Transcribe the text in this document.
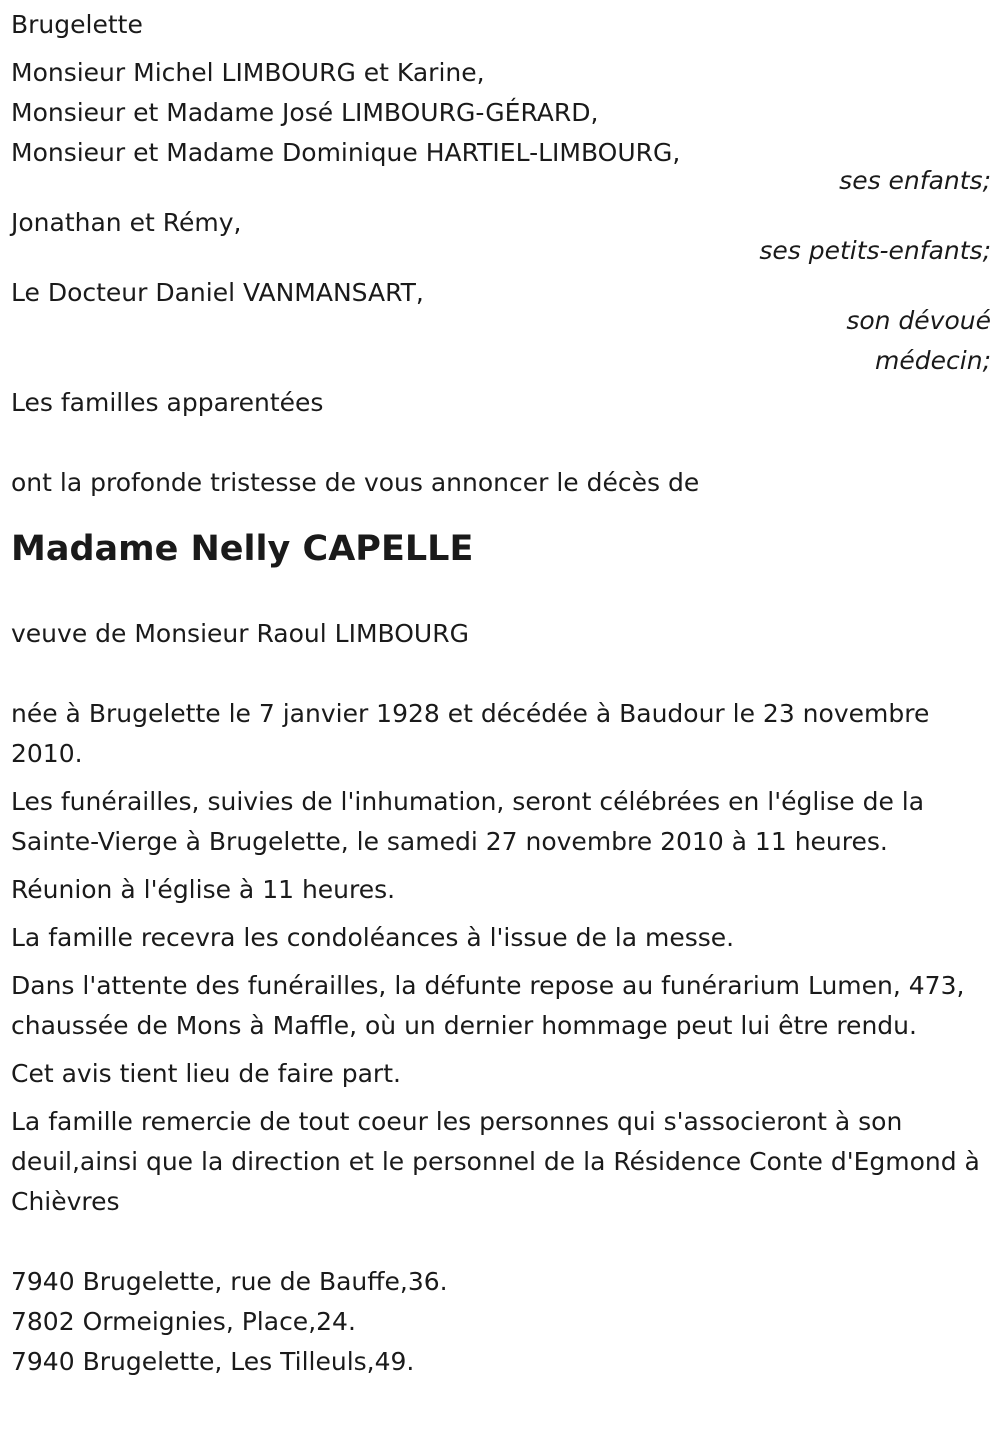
Brugelette
Monsieur Michel LIMBOURG et Karine,
Monsieur et Madame José LIMBOURG-GÉRARD,
Monsieur et Madame Dominique HARTIEL-LIMBOURG,
ses enfants;
Jonathan et Rémy,
ses petits-enfants;
Le Docteur Daniel VANMANSART,
son dévoué
médecin;
Les familles apparentées
ont la profonde tristesse de vous annoncer le décès de
Madame Nelly CAPELLE
veuve de Monsieur Raoul LIMBOURG

née à Brugelette le 7 janvier 1928 et décédée à Baudour le 23 novembre 2010.

Les funérailles, suivies de l'inhumation, seront célébrées en l'église de la Sainte-Vierge à Brugelette, le samedi 27 novembre 2010 à 11 heures.

Réunion à l'église à 11 heures.

La famille recevra les condoléances à l'issue de la messe.

Dans l'attente des funérailles, la défunte repose au funérarium Lumen, 473, chaussée de Mons à Maffle, où un dernier hommage peut lui être rendu.

Cet avis tient lieu de faire part.

La famille remercie de tout coeur les personnes qui s'associeront à son deuil,ainsi que la direction et le personnel de la Résidence Conte d'Egmond à Chièvres

7940 Brugelette, rue de Bauffe,36.
7802 Ormeignies, Place,24.
7940 Brugelette, Les Tilleuls,49.
